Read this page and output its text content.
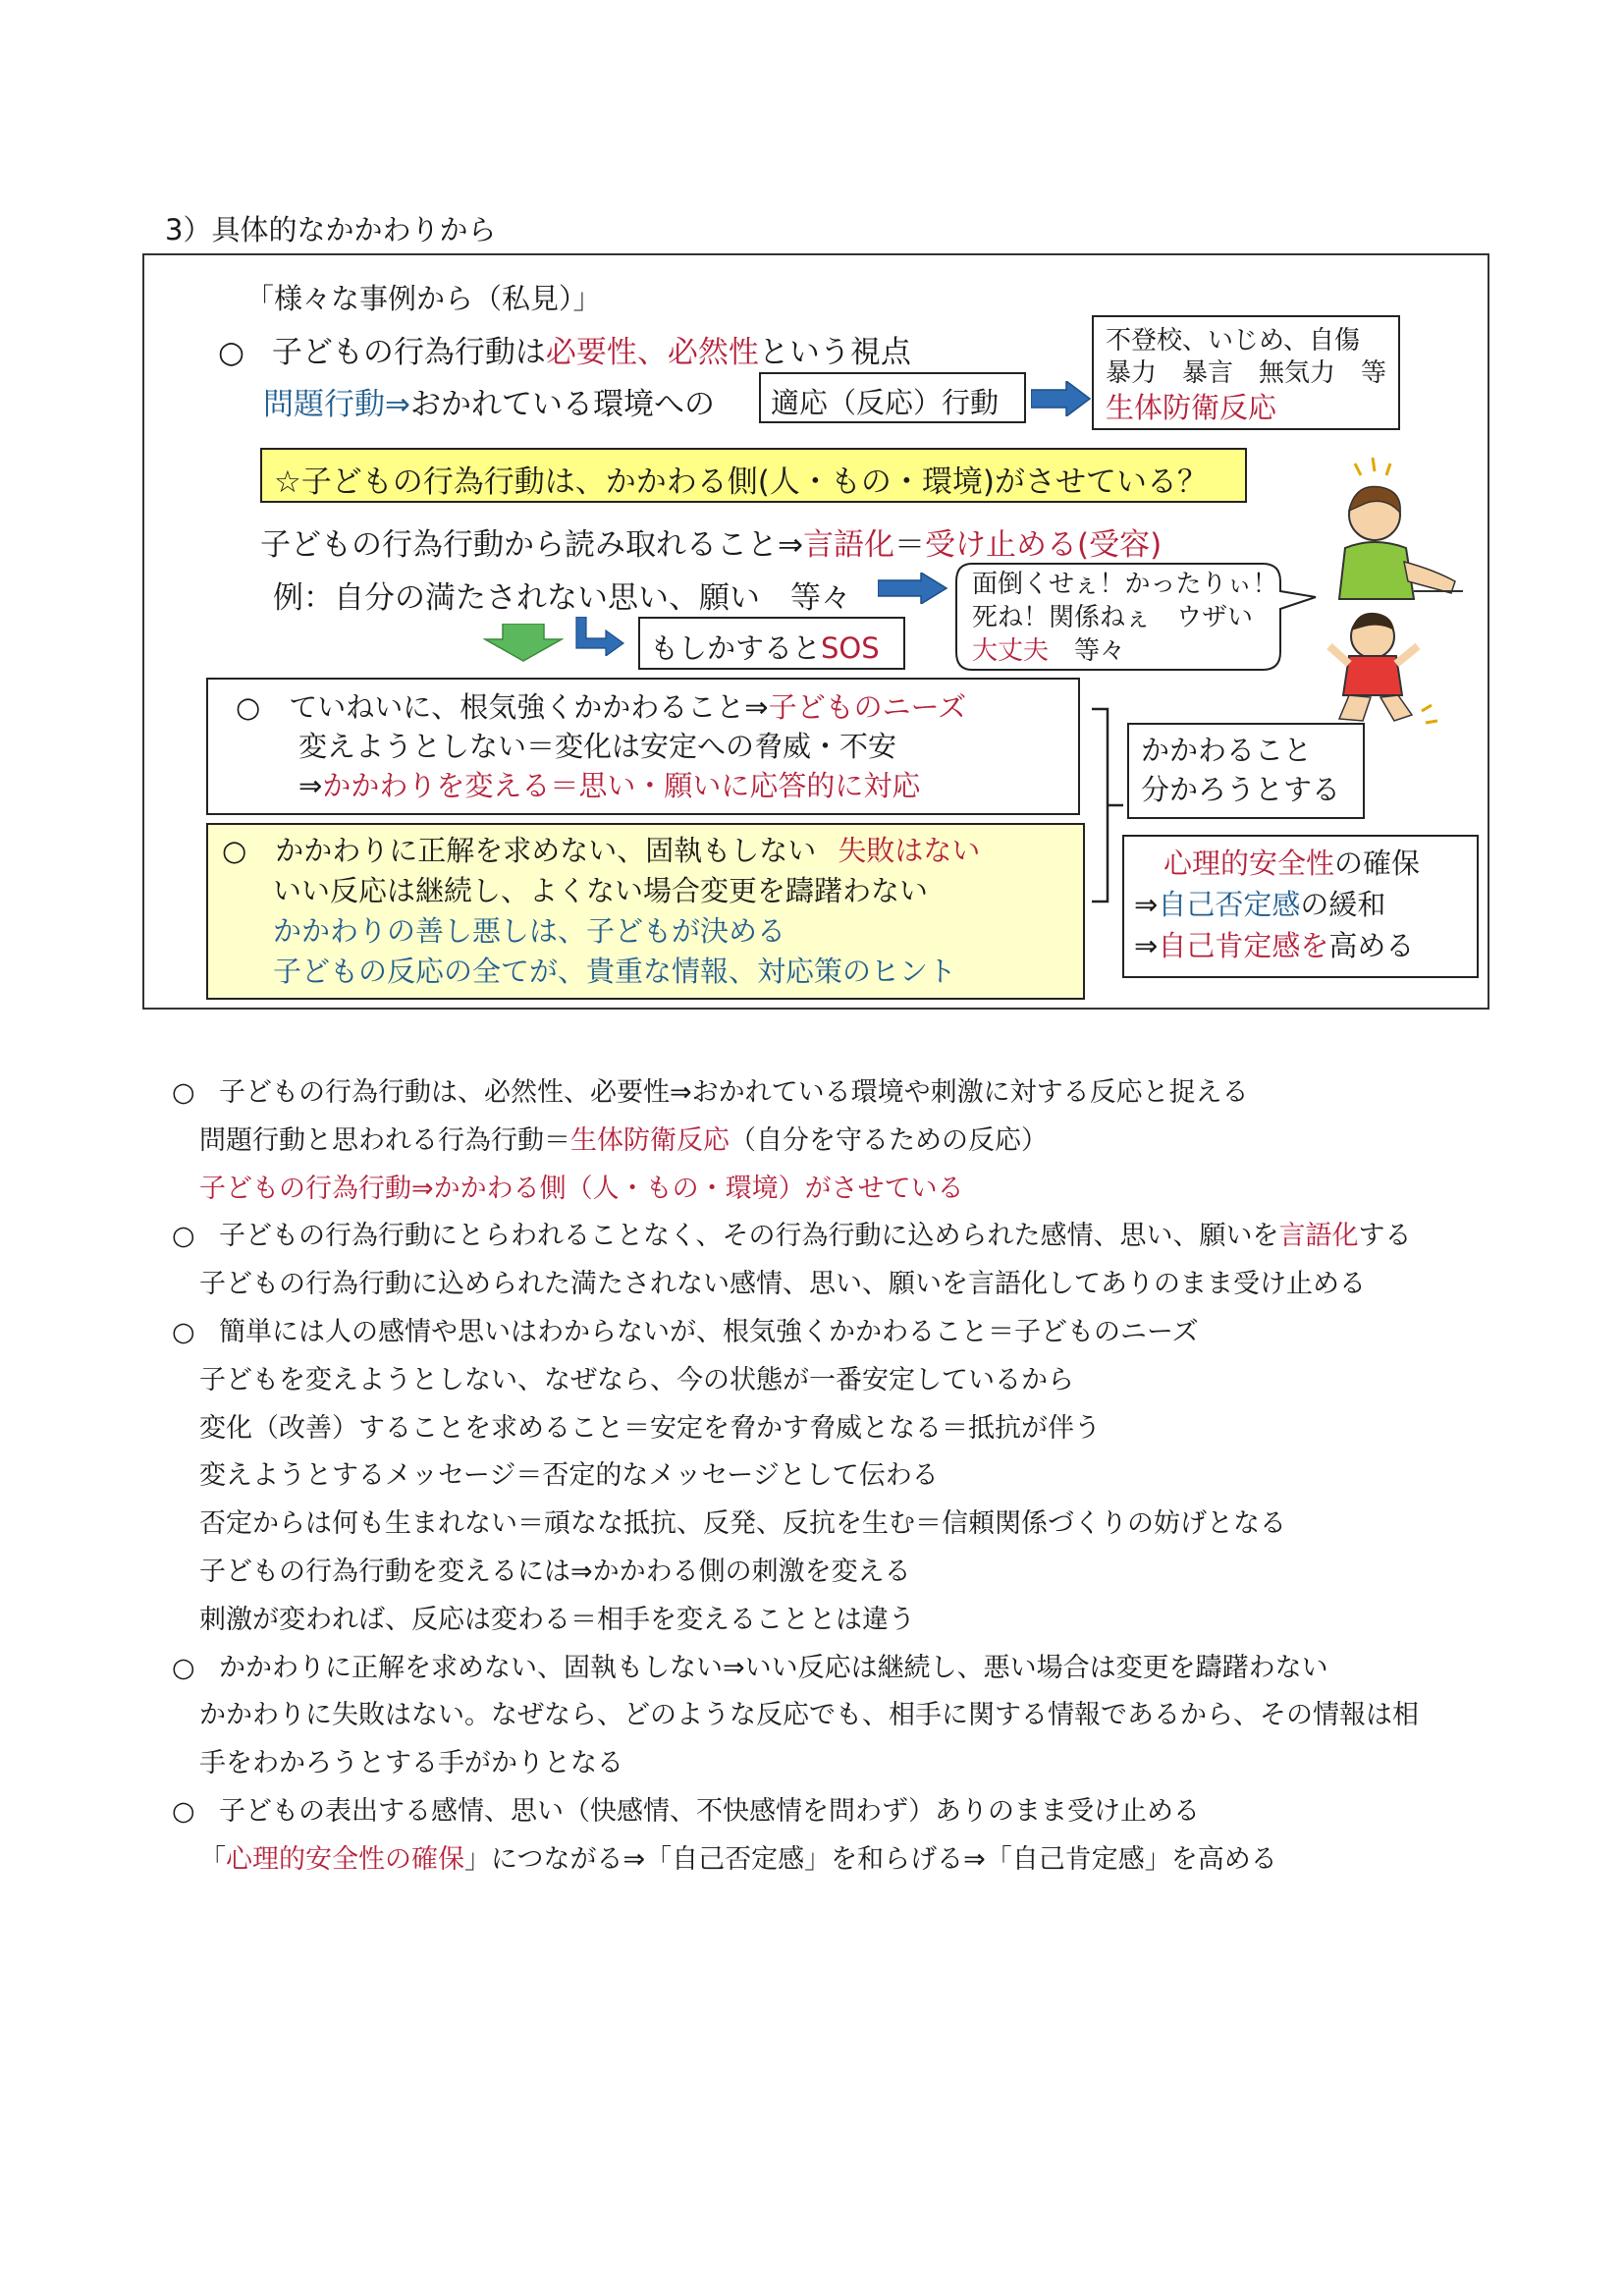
3）具体的なかかわりから
「様々な事例から（私見）」
○ 子どもの行為行動は必要性、必然性という視点
問題行動⇒おかれている環境への	適応（反応）行動
不登校、いじめ、自傷
暴力　暴言　無気力　等
生体防衛反応
☆子どもの行為行動は、かかわる側(人・もの・環境)がさせている？
子どもの行為行動から読み取れること⇒言語化＝受け止める(受容)
例：自分の満たされない思い、願い　等々	面倒くせぇ！かったりぃ！
死ね！関係ねぇ　ウザい
大丈夫　等々
もしかするとSOS
○　ていねいに、根気強くかかわること⇒子どものニーズ
変えようとしない＝変化は安定への脅威・不安
⇒かかわりを変える＝思い・願いに応答的に対応
○　かかわりに正解を求めない、固執もしない 失敗はない
いい反応は継続し、よくない場合変更を躊躇わない
かかわりの善し悪しは、子どもが決める
子どもの反応の全てが、貴重な情報、対応策のヒント
かかわること
分かろうとする
心理的安全性の確保
⇒自己否定感の緩和
⇒自己肯定感を高める
○ 子どもの行為行動は、必然性、必要性⇒おかれている環境や刺激に対する反応と捉える
問題行動と思われる行為行動＝生体防衛反応（自分を守るための反応）
子どもの行為行動⇒かかわる側（人・もの・環境）がさせている
○ 子どもの行為行動にとらわれることなく、その行為行動に込められた感情、思い、願いを言語化する
子どもの行為行動に込められた満たされない感情、思い、願いを言語化してありのまま受け止める
○ 簡単には人の感情や思いはわからないが、根気強くかかわること＝子どものニーズ
子どもを変えようとしない、なぜなら、今の状態が一番安定しているから
変化（改善）することを求めること＝安定を脅かす脅威となる＝抵抗が伴う
変えようとするメッセージ＝否定的なメッセージとして伝わる
否定からは何も生まれない＝頑なな抵抗、反発、反抗を生む＝信頼関係づくりの妨げとなる
子どもの行為行動を変えるには⇒かかわる側の刺激を変える
刺激が変われば、反応は変わる＝相手を変えることとは違う
○ かかわりに正解を求めない、固執もしない⇒いい反応は継続し、悪い場合は変更を躊躇わない
かかわりに失敗はない。なぜなら、どのような反応でも、相手に関する情報であるから、その情報は相
手をわかろうとする手がかりとなる
○ 子どもの表出する感情、思い（快感情、不快感情を問わず）ありのまま受け止める
「心理的安全性の確保」につながる⇒「自己否定感」を和らげる⇒「自己肯定感」を高める
